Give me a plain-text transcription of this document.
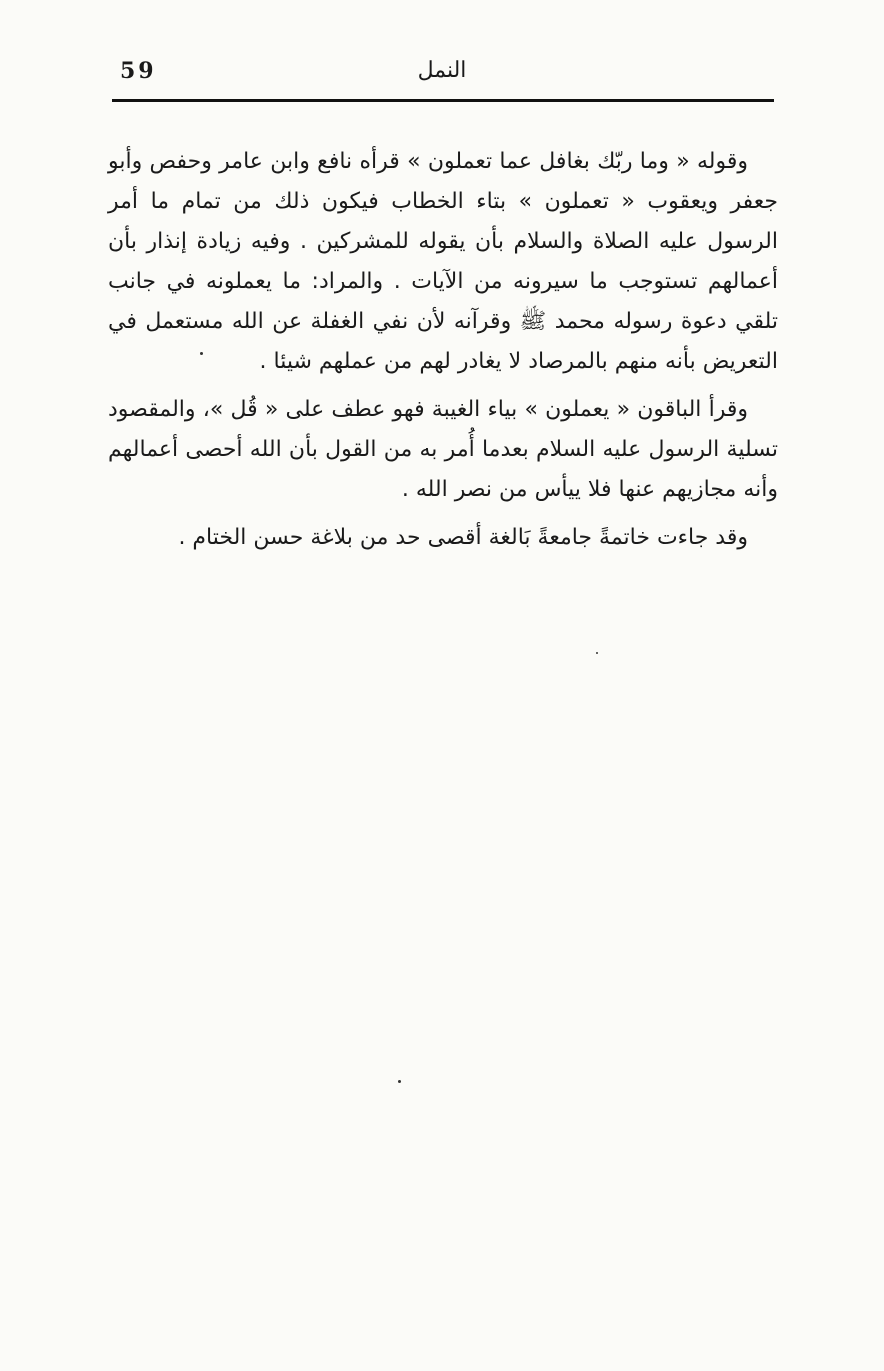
59	النمل

وقوله « وما ربّك بغافل عما تعملون » قرأه نافع وابن عامر وحفص وأبو جعفر ويعقوب « تعملون » بتاء الخطاب فيكون ذلك من تمام ما أمر الرسول عليه الصلاة والسلام بأن يقوله للمشركين . وفيه زيادة إنذار بأن أعمالهم تستوجب ما سيرونه من الآيات . والمراد: ما يعملونه في جانب تلقي دعوة رسوله محمد ﷺ وقرآنه لأن نفي الغفلة عن الله مستعمل في التعريض بأنه منهم بالمرصاد لا يغادر لهم من عملهم شيئا .

وقرأ الباقون « يعملون » بياء الغيبة فهو عطف على « قُل »، والمقصود تسلية الرسول عليه السلام بعدما أُمر به من القول بأن الله أحصى أعمالهم وأنه مجازيهم عنها فلا ييأس من نصر الله .

وقد جاءت خاتمةً جامعةً بَالغة أقصى حد من بلاغة حسن الختام .
